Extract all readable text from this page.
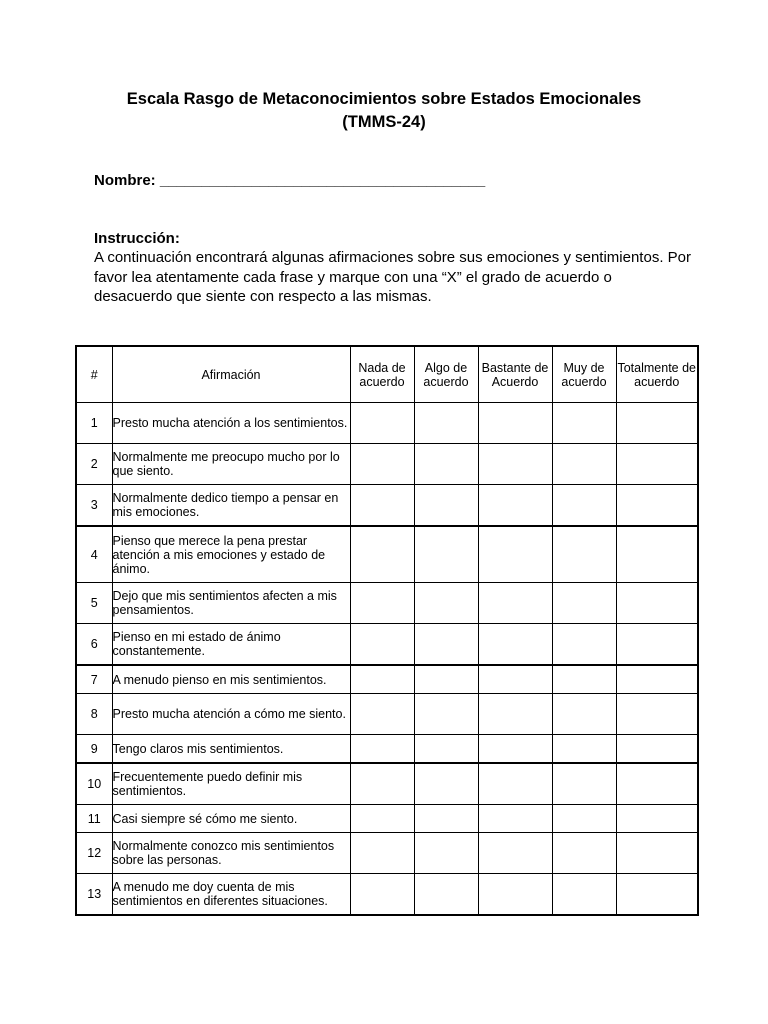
Escala Rasgo de Metaconocimientos sobre Estados Emocionales
(TMMS-24)
Nombre: _______________________________________
Instrucción:
A continuación encontrará algunas afirmaciones sobre sus emociones y sentimientos. Por favor lea atentamente cada frase y marque con una “X” el grado de acuerdo o desacuerdo que siente con respecto a las mismas.
#	Afirmación	Nada de acuerdo	Algo de acuerdo	Bastante de Acuerdo	Muy de acuerdo	Totalmente de acuerdo
1	Presto mucha atención a los sentimientos.					
2	Normalmente me preocupo mucho por lo que siento.					
3	Normalmente dedico tiempo a pensar en mis emociones.					
4	Pienso que merece la pena prestar atención a mis emociones y estado de ánimo.					
5	Dejo que mis sentimientos afecten a mis pensamientos.					
6	Pienso en mi estado de ánimo constantemente.					
7	A menudo pienso en mis sentimientos.					
8	Presto mucha atención a cómo me siento.					
9	Tengo claros mis sentimientos.					
10	Frecuentemente puedo definir mis sentimientos.					
11	Casi siempre sé cómo me siento.					
12	Normalmente conozco mis sentimientos sobre las personas.					
13	A menudo me doy cuenta de mis sentimientos en diferentes situaciones.					
